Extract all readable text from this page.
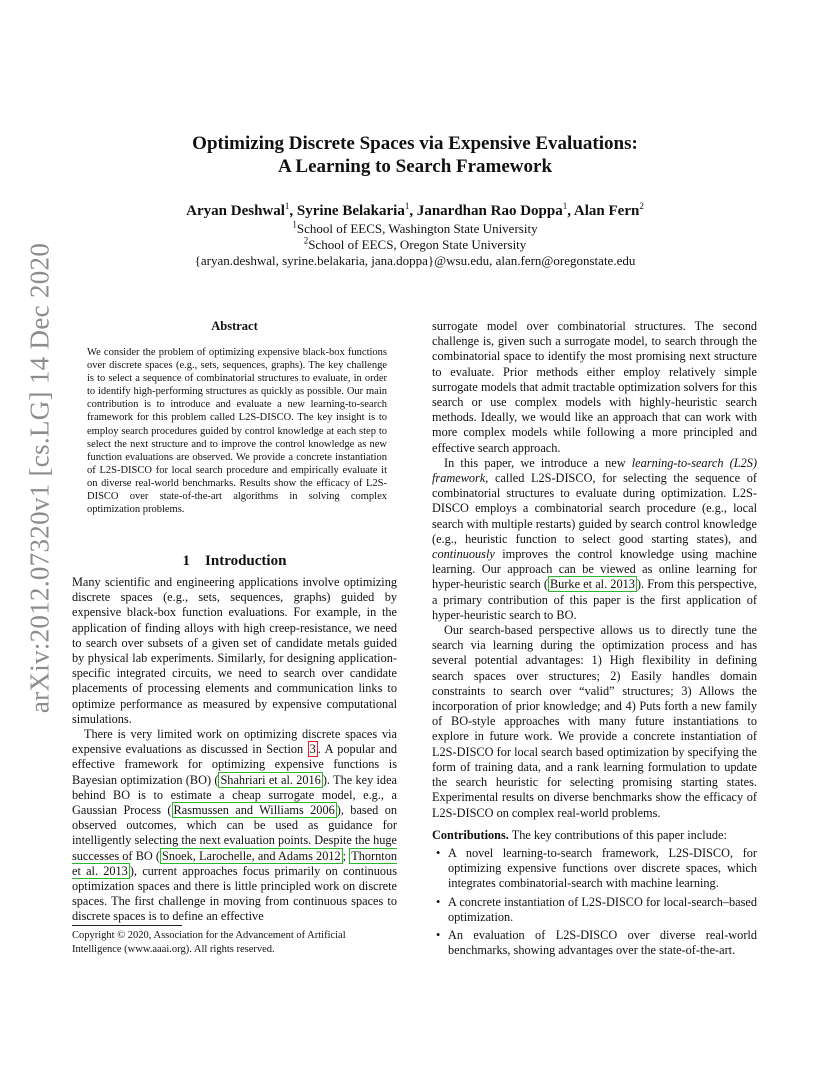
arXiv:2012.07320v1 [cs.LG] 14 Dec 2020
Optimizing Discrete Spaces via Expensive Evaluations:
A Learning to Search Framework
Aryan Deshwal$^1$, Syrine Belakaria$^1$, Janardhan Rao Doppa$^1$, Alan Fern$^2$
$^1$School of EECS, Washington State University
$^2$School of EECS, Oregon State University
{aryan.deshwal, syrine.belakaria, jana.doppa}@wsu.edu, alan.fern@oregonstate.edu
Abstract

We consider the problem of optimizing expensive black-box functions over discrete spaces (e.g., sets, sequences, graphs). The key challenge is to select a sequence of combinatorial structures to evaluate, in order to identify high-performing structures as quickly as possible. Our main contribution is to introduce and evaluate a new learning-to-search framework for this problem called L2S-DISCO. The key insight is to employ search procedures guided by control knowledge at each step to select the next structure and to improve the control knowledge as new function evaluations are observed. We provide a concrete instantiation of L2S-DISCO for local search procedure and empirically evaluate it on diverse real-world benchmarks. Results show the efficacy of L2S-DISCO over state-of-the-art algorithms in solving complex optimization problems.

1 Introduction

Many scientific and engineering applications involve optimizing discrete spaces (e.g., sets, sequences, graphs) guided by expensive black-box function evaluations. For example, in the application of finding alloys with high creep-resistance, we need to search over subsets of a given set of candidate metals guided by physical lab experiments. Similarly, for designing application-specific integrated circuits, we need to search over candidate placements of processing elements and communication links to optimize performance as measured by expensive computational simulations.

There is very limited work on optimizing discrete spaces via expensive evaluations as discussed in Section 3 . A popular and effective framework for optimizing expensive functions is Bayesian optimization (BO) ( Shahriari et al. 2016 ). The key idea behind BO is to estimate a cheap surrogate model, e.g., a Gaussian Process ( Rasmussen and Williams 2006 ), based on observed outcomes, which can be used as guidance for intelligently selecting the next evaluation points. Despite the huge successes of BO ( Snoek, Larochelle, and Adams 2012 ; Thornton et al. 2013 ), current approaches focus primarily on continuous optimization spaces and there is little principled work on discrete spaces. The first challenge in moving from continuous spaces to discrete spaces is to define an effective

Copyright © 2020, Association for the Advancement of Artificial Intelligence (www.aaai.org). All rights reserved.

surrogate model over combinatorial structures. The second challenge is, given such a surrogate model, to search through the combinatorial space to identify the most promising next structure to evaluate. Prior methods either employ relatively simple surrogate models that admit tractable optimization solvers for this search or use complex models with highly-heuristic search methods. Ideally, we would like an approach that can work with more complex models while following a more principled and effective search approach.

In this paper, we introduce a new learning-to-search (L2S) framework, called L2S-DISCO, for selecting the sequence of combinatorial structures to evaluate during optimization. L2S-DISCO employs a combinatorial search procedure (e.g., local search with multiple restarts) guided by search control knowledge (e.g., heuristic function to select good starting states), and continuously improves the control knowledge using machine learning. Our approach can be viewed as online learning for hyper-heuristic search ( Burke et al. 2013 ). From this perspective, a primary contribution of this paper is the first application of hyper-heuristic search to BO.

Our search-based perspective allows us to directly tune the search via learning during the optimization process and has several potential advantages: 1) High flexibility in defining search spaces over structures; 2) Easily handles domain constraints to search over “valid” structures; 3) Allows the incorporation of prior knowledge; and 4) Puts forth a new family of BO-style approaches with many future instantiations to explore in future work. We provide a concrete instantiation of L2S-DISCO for local search based optimization by specifying the form of training data, and a rank learning formulation to update the search heuristic for selecting promising starting states. Experimental results on diverse benchmarks show the efficacy of L2S-DISCO on complex real-world problems.

Contributions. The key contributions of this paper include:

• A novel learning-to-search framework, L2S-DISCO, for optimizing expensive functions over discrete spaces, which integrates combinatorial-search with machine learning.
• A concrete instantiation of L2S-DISCO for local-search–based optimization.
• An evaluation of L2S-DISCO over diverse real-world benchmarks, showing advantages over the state-of-the-art.
